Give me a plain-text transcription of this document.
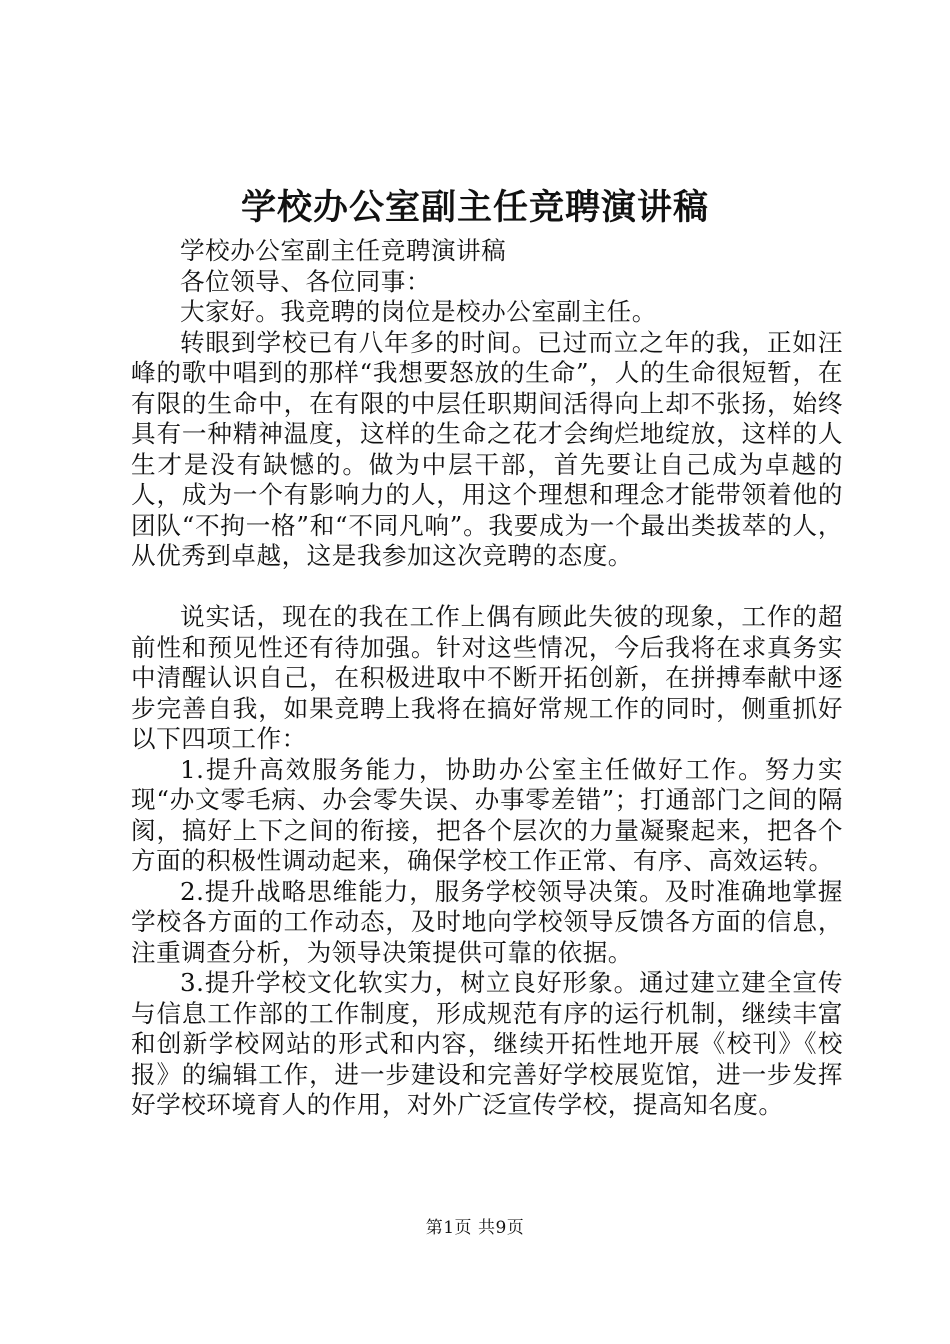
学校办公室副主任竞聘演讲稿

学校办公室副主任竞聘演讲稿

各位领导、各位同事：

大家好。我竞聘的岗位是校办公室副主任。

转眼到学校已有八年多的时间。已过而立之年的我，正如汪峰的歌中唱到的那样“我想要怒放的生命”，人的生命很短暂，在有限的生命中，在有限的中层任职期间活得向上却不张扬，始终具有一种精神温度，这样的生命之花才会绚烂地绽放，这样的人生才是没有缺憾的。做为中层干部，首先要让自己成为卓越的人，成为一个有影响力的人，用这个理想和理念才能带领着他的团队“不拘一格”和“不同凡响”。我要成为一个最出类拔萃的人，从优秀到卓越，这是我参加这次竞聘的态度。

说实话，现在的我在工作上偶有顾此失彼的现象，工作的超前性和预见性还有待加强。针对这些情况，今后我将在求真务实中清醒认识自己，在积极进取中不断开拓创新，在拼搏奉献中逐步完善自我，如果竞聘上我将在搞好常规工作的同时，侧重抓好以下四项工作：

1.提升高效服务能力，协助办公室主任做好工作。努力实现“办文零毛病、办会零失误、办事零差错”；打通部门之间的隔阂，搞好上下之间的衔接，把各个层次的力量凝聚起来，把各个方面的积极性调动起来，确保学校工作正常、有序、高效运转。

2.提升战略思维能力，服务学校领导决策。及时准确地掌握学校各方面的工作动态，及时地向学校领导反馈各方面的信息，注重调查分析，为领导决策提供可靠的依据。

3.提升学校文化软实力，树立良好形象。通过建立建全宣传与信息工作部的工作制度，形成规范有序的运行机制，继续丰富和创新学校网站的形式和内容，继续开拓性地开展《校刊》《校报》的编辑工作，进一步建设和完善好学校展览馆，进一步发挥好学校环境育人的作用，对外广泛宣传学校，提高知名度。

第1页 共9页
